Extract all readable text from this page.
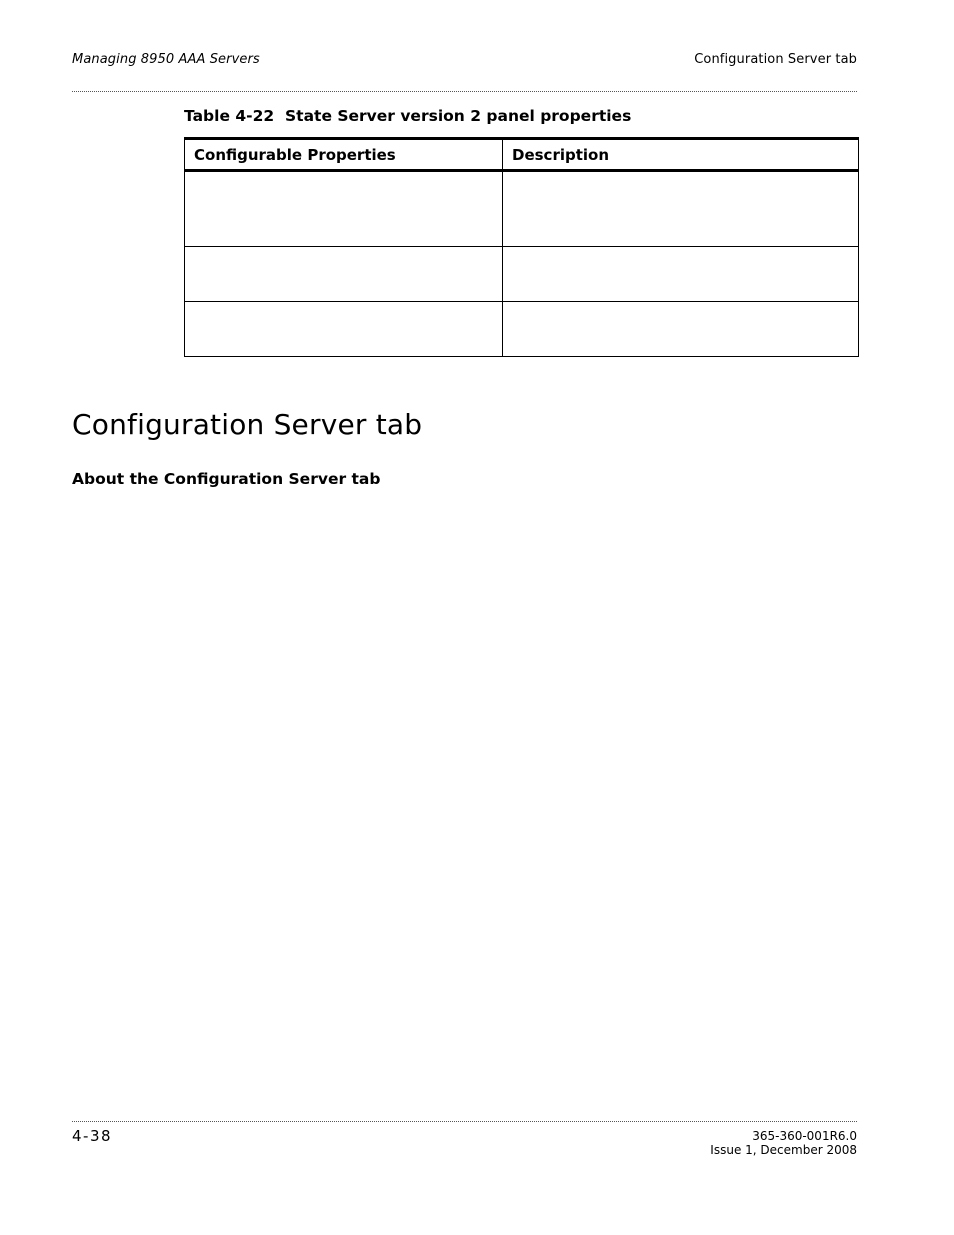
Managing 8950 AAA Servers	Configuration Server tab
Table 4-22 State Server version 2 panel properties
Configurable Properties	Description

Configuration Server tab
About the Configuration Server tab
4-38	365-360-001R6.0
Issue 1, December 2008
